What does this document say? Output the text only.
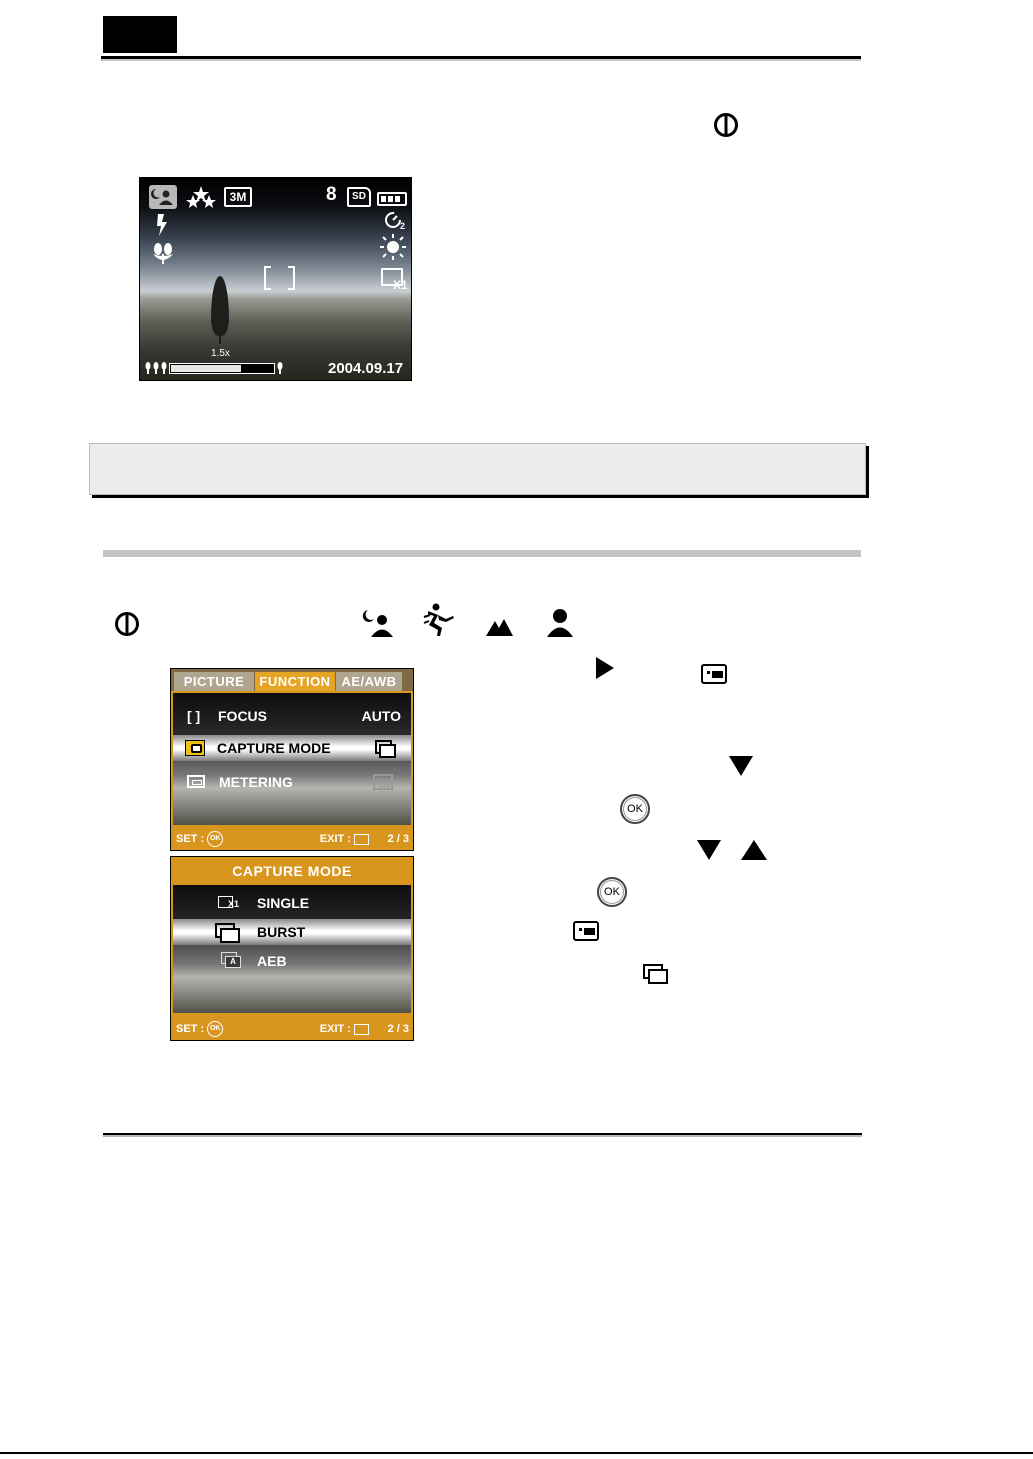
3M	8	SD
2
X1
1.5x
2004.09.17
PICTURE	FUNCTION AE/AWB
[ ] FOCUS	AUTO
CAPTURE MODE
METERING
SET : OK	EXIT :	2 / 3
CAPTURE MODE
X1 SINGLE
BURST
A	AEB
SET : OK	EXIT :	2 / 3
OK
OK
